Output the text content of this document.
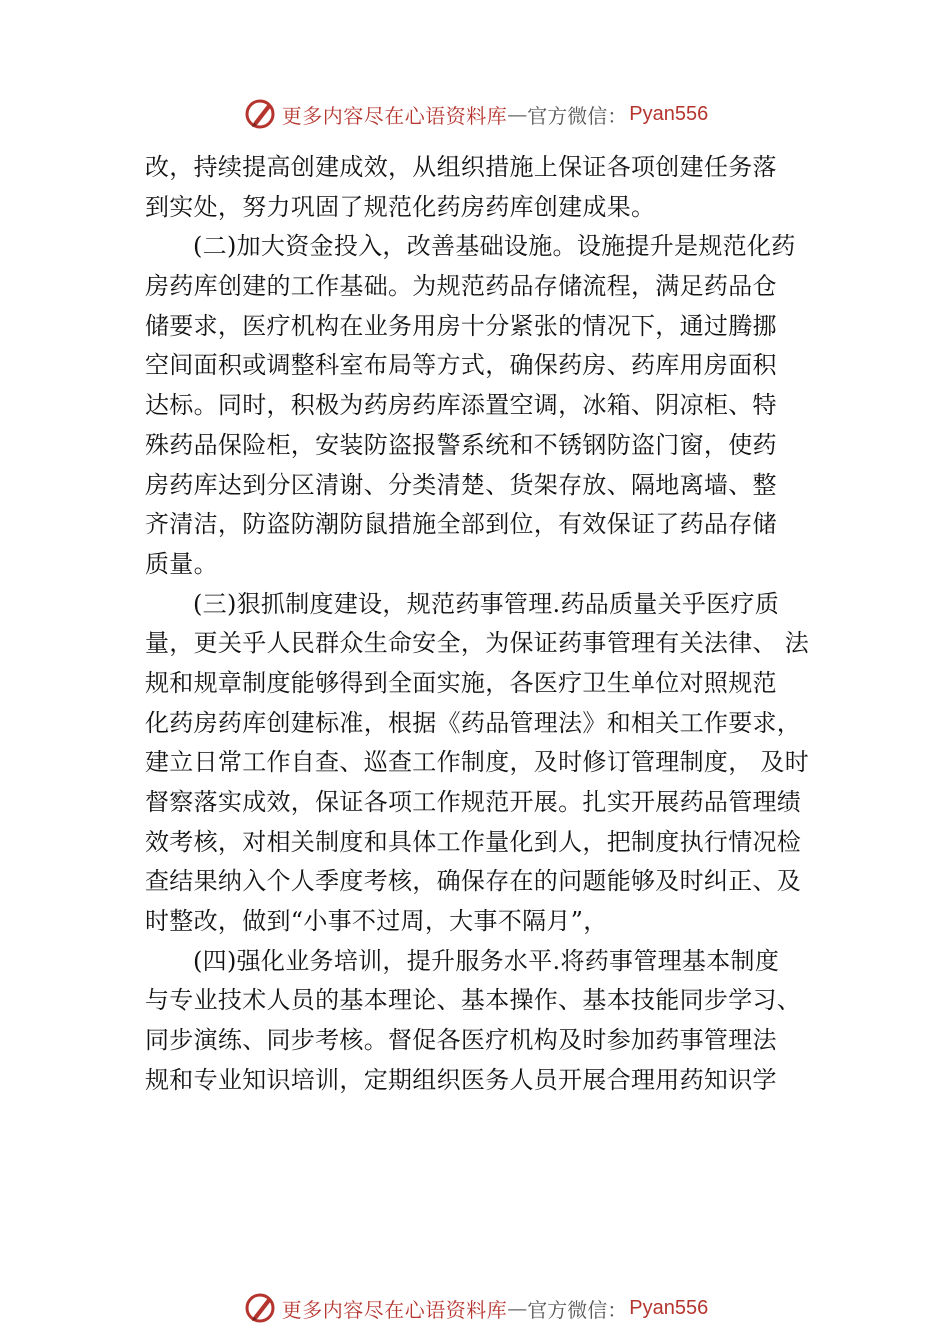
更多内容尽在心语资料库 — 官方微信： Pyan556
改，持续提高创建成效，从组织措施上保证各项创建任务落
到实处，努力巩固了规范化药房药库创建成果。
(二)加大资金投入，改善基础设施。设施提升是规范化药
房药库创建的工作基础。为规范药品存储流程，满足药品仓
储要求，医疗机构在业务用房十分紧张的情况下，通过腾挪
空间面积或调整科室布局等方式，确保药房、药库用房面积
达标。同时，积极为药房药库添置空调，冰箱、阴凉柜、特
殊药品保险柜，安装防盗报警系统和不锈钢防盗门窗，使药
房药库达到分区清谢、分类清楚、货架存放、隔地离墙、整
齐清洁，防盗防潮防鼠措施全部到位，有效保证了药品存储
质量。
(三)狠抓制度建设，规范药事管理.药品质量关乎医疗质
量，更关乎人民群众生命安全，为保证药事管理有关法律、 法
规和规章制度能够得到全面实施，各医疗卫生单位对照规范
化药房药库创建标准，根据《药品管理法》和相关工作要求，
建立日常工作自查、巡查工作制度，及时修订管理制度， 及时
督察落实成效，保证各项工作规范开展。扎实开展药品管理绩
效考核，对相关制度和具体工作量化到人，把制度执行情况检
查结果纳入个人季度考核，确保存在的问题能够及时纠正、及
时整改，做到“小事不过周，大事不隔月”，
(四)强化业务培训，提升服务水平.将药事管理基本制度
与专业技术人员的基本理论、基本操作、基本技能同步学习、
同步演练、同步考核。督促各医疗机构及时参加药事管理法
规和专业知识培训，定期组织医务人员开展合理用药知识学
更多内容尽在心语资料库 — 官方微信： Pyan556
